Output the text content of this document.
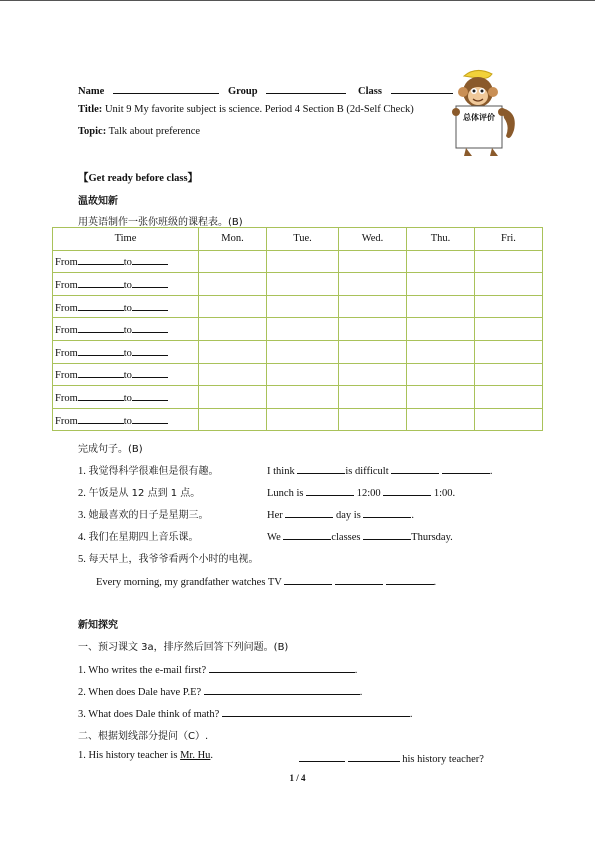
Name	Group	Class
Title: Unit 9 My favorite subject is science. Period 4 Section B (2d-Self Check)
Topic: Talk about preference
总体评价
【Get ready before class】
温故知新
用英语制作一张你班级的课程表。(B)
Time	Mon.	Tue.	Wed.	Thu.	Fri.
From to					
From to					
From to					
From to					
From to					
From to					
From to					
From to					
完成句子。(B)
1. 我觉得科学很难但是很有趣。	I think	is difficult	.
2. 午饭是从 12 点到 1 点。	Lunch is	12:00	1:00.
3. 她最喜欢的日子是星期三。	Her	day is	.
4. 我们在星期四上音乐课。	We	classes	Thursday.
5. 每天早上，我爷爷看两个小时的电视。
Every morning, my grandfather watches TV	.
新知探究
一、预习课文 3a，排序然后回答下列问题。(B)
1. Who writes the e-mail first?	.
2. When does Dale have P.E?	.
3. What does Dale think of math?	.
二、根据划线部分提问（C）.
1. His history teacher is Mr. Hu.	his history teacher?
1 / 4
